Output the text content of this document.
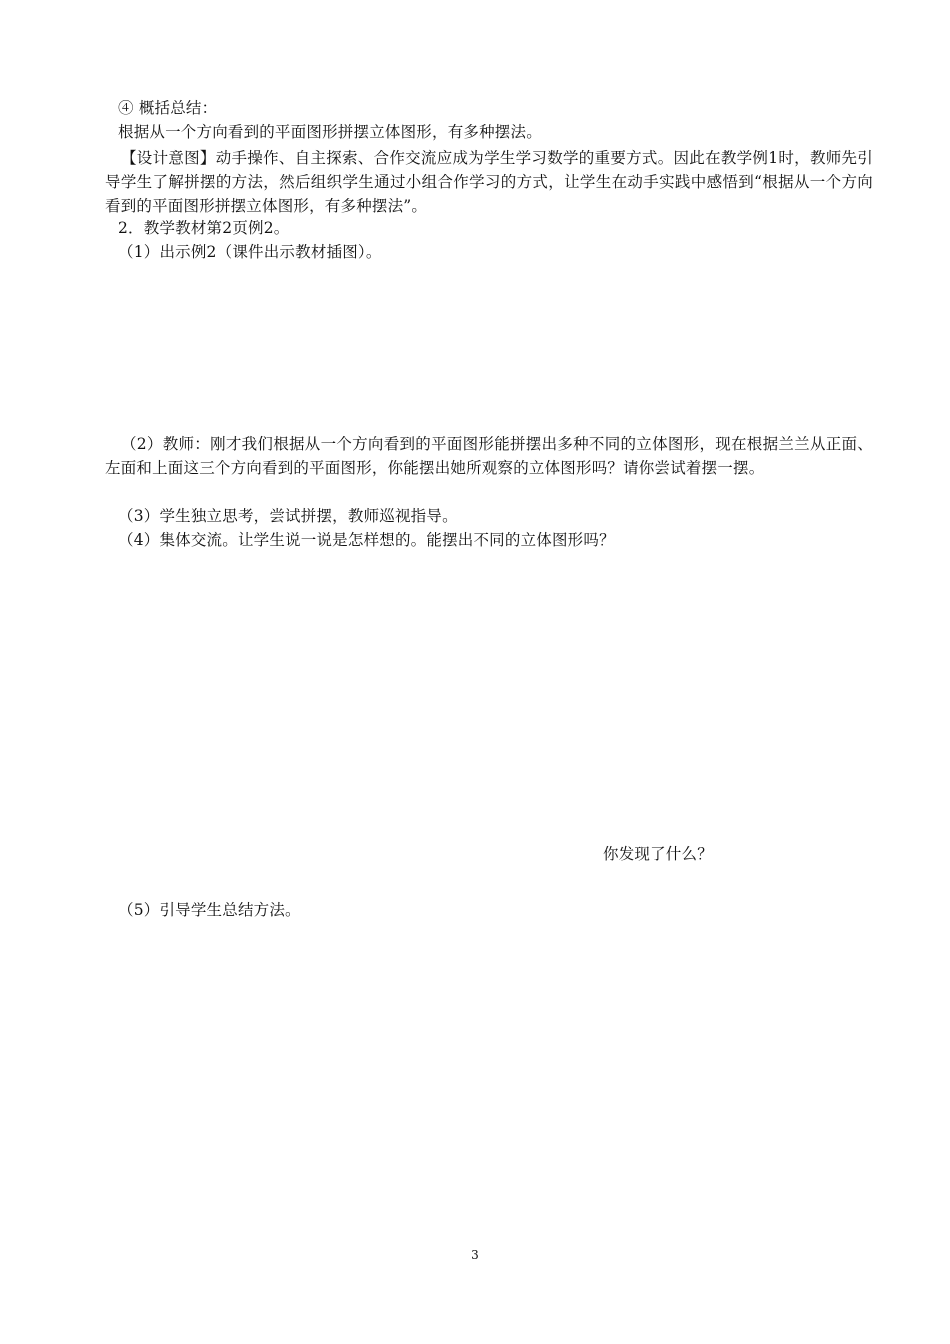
④ 概括总结：
根据从一个方向看到的平面图形拼摆立体图形，有多种摆法。
【设计意图】动手操作、自主探索、合作交流应成为学生学习数学的重要方式。因此在教学例1时，教师先引导学生了解拼摆的方法，然后组织学生通过小组合作学习的方式，让学生在动手实践中感悟到“根据从一个方向看到的平面图形拼摆立体图形，有多种摆法”。
2．教学教材第2页例2。
（1）出示例2（课件出示教材插图）。
（2）教师：刚才我们根据从一个方向看到的平面图形能拼摆出多种不同的立体图形，现在根据兰兰从正面、左面和上面这三个方向看到的平面图形，你能摆出她所观察的立体图形吗？请你尝试着摆一摆。
（3）学生独立思考，尝试拼摆，教师巡视指导。
（4）集体交流。让学生说一说是怎样想的。能摆出不同的立体图形吗？
你发现了什么？
（5）引导学生总结方法。
3
